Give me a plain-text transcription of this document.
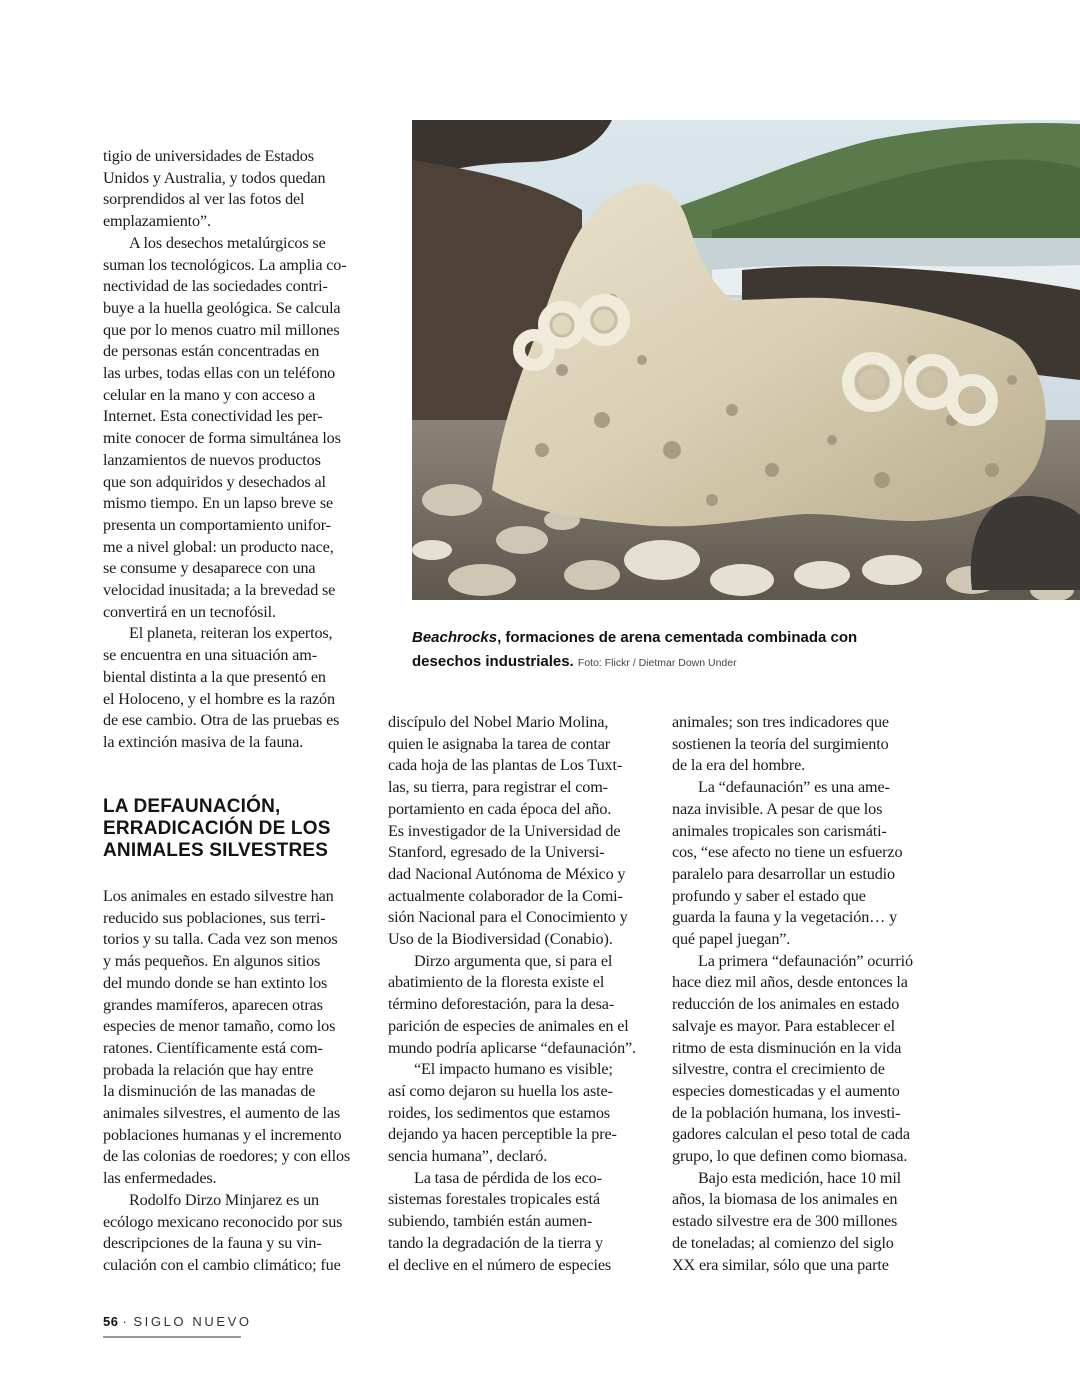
tigio de universidades de Estados
Unidos y Australia, y todos quedan
sorprendidos al ver las fotos del
emplazamiento”.
A los desechos metalúrgicos se
suman los tecnológicos. La amplia co-
nectividad de las sociedades contri-
buye a la huella geológica. Se calcula
que por lo menos cuatro mil millones
de personas están concentradas en
las urbes, todas ellas con un teléfono
celular en la mano y con acceso a
Internet. Esta conectividad les per-
mite conocer de forma simultánea los
lanzamientos de nuevos productos
que son adquiridos y desechados al
mismo tiempo. En un lapso breve se
presenta un comportamiento unifor-
me a nivel global: un producto nace,
se consume y desaparece con una
velocidad inusitada; a la brevedad se
convertirá en un tecnofósil.
El planeta, reiteran los expertos,
se encuentra en una situación am-
biental distinta a la que presentó en
el Holoceno, y el hombre es la razón
de ese cambio. Otra de las pruebas es
la extinción masiva de la fauna.
LA DEFAUNACIÓN,
ERRADICACIÓN DE LOS
ANIMALES SILVESTRES
Los animales en estado silvestre han
reducido sus poblaciones, sus terri-
torios y su talla. Cada vez son menos
y más pequeños. En algunos sitios
del mundo donde se han extinto los
grandes mamíferos, aparecen otras
especies de menor tamaño, como los
ratones. Científicamente está com-
probada la relación que hay entre
la disminución de las manadas de
animales silvestres, el aumento de las
poblaciones humanas y el incremento
de las colonias de roedores; y con ellos
las enfermedades.
Rodolfo Dirzo Minjarez es un
ecólogo mexicano reconocido por sus
descripciones de la fauna y su vin-
culación con el cambio climático; fue
discípulo del Nobel Mario Molina,
quien le asignaba la tarea de contar
cada hoja de las plantas de Los Tuxt-
las, su tierra, para registrar el com-
portamiento en cada época del año.
Es investigador de la Universidad de
Stanford, egresado de la Universi-
dad Nacional Autónoma de México y
actualmente colaborador de la Comi-
sión Nacional para el Conocimiento y
Uso de la Biodiversidad (Conabio).
Dirzo argumenta que, si para el
abatimiento de la floresta existe el
término deforestación, para la desa-
parición de especies de animales en el
mundo podría aplicarse “defaunación”.
“El impacto humano es visible;
así como dejaron su huella los aste-
roides, los sedimentos que estamos
dejando ya hacen perceptible la pre-
sencia humana”, declaró.
La tasa de pérdida de los eco-
sistemas forestales tropicales está
subiendo, también están aumen-
tando la degradación de la tierra y
el declive en el número de especies
animales; son tres indicadores que
sostienen la teoría del surgimiento
de la era del hombre.
La “defaunación” es una ame-
naza invisible. A pesar de que los
animales tropicales son carismáti-
cos, “ese afecto no tiene un esfuerzo
paralelo para desarrollar un estudio
profundo y saber el estado que
guarda la fauna y la vegetación… y
qué papel juegan”.
La primera “defaunación” ocurrió
hace diez mil años, desde entonces la
reducción de los animales en estado
salvaje es mayor. Para establecer el
ritmo de esta disminución en la vida
silvestre, contra el crecimiento de
especies domesticadas y el aumento
de la población humana, los investi-
gadores calculan el peso total de cada
grupo, lo que definen como biomasa.
Bajo esta medición, hace 10 mil
años, la biomasa de los animales en
estado silvestre era de 300 millones
de toneladas; al comienzo del siglo
XX era similar, sólo que una parte
Beachrocks, formaciones de arena cementada combinada con
desechos industriales. Foto: Flickr / Dietmar Down Under
56 · SIGLO NUEVO
